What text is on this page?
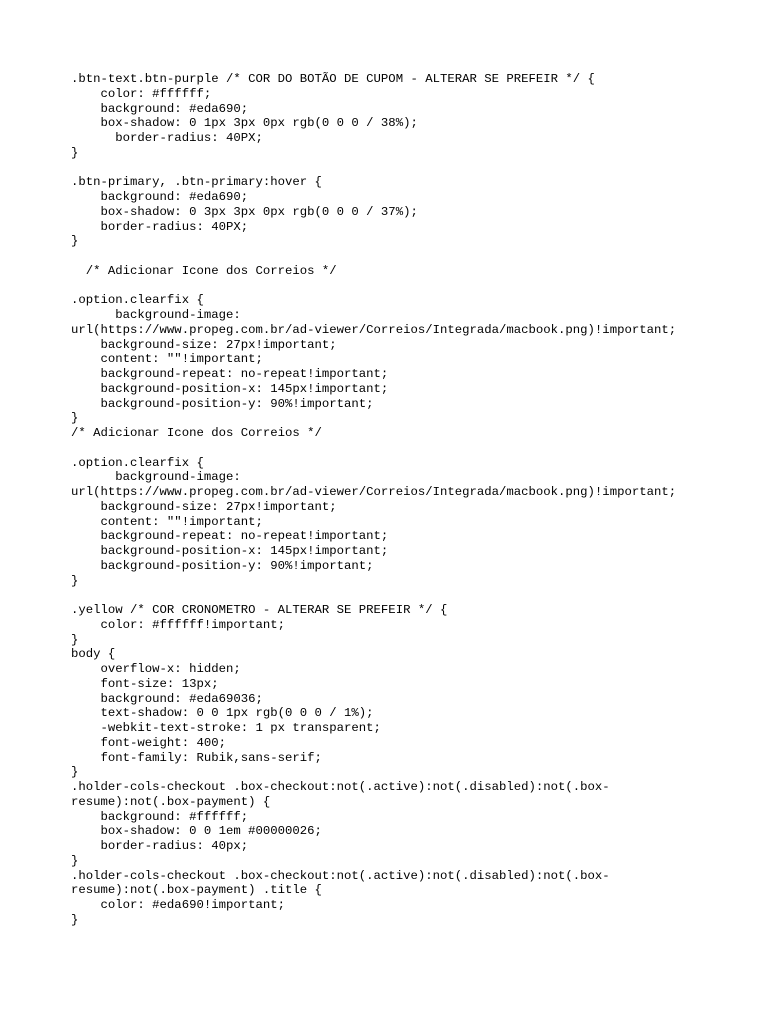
.btn-text.btn-purple /* COR DO BOTÃO DE CUPOM - ALTERAR SE PREFEIR */ {
color: #ffffff;
background: #eda690;
box-shadow: 0 1px 3px 0px rgb(0 0 0 / 38%);
border-radius: 40PX;
}
.btn-primary, .btn-primary:hover {
background: #eda690;
box-shadow: 0 3px 3px 0px rgb(0 0 0 / 37%);
border-radius: 40PX;
}
/* Adicionar Icone dos Correios */
.option.clearfix {
background-image:
url(https://www.propeg.com.br/ad-viewer/Correios/Integrada/macbook.png)!important;
background-size: 27px!important;
content: ""!important;
background-repeat: no-repeat!important;
background-position-x: 145px!important;
background-position-y: 90%!important;
}
/* Adicionar Icone dos Correios */
.option.clearfix {
background-image:
url(https://www.propeg.com.br/ad-viewer/Correios/Integrada/macbook.png)!important;
background-size: 27px!important;
content: ""!important;
background-repeat: no-repeat!important;
background-position-x: 145px!important;
background-position-y: 90%!important;
}
.yellow /* COR CRONOMETRO - ALTERAR SE PREFEIR */ {
color: #ffffff!important;
}
body {
overflow-x: hidden;
font-size: 13px;
background: #eda69036;
text-shadow: 0 0 1px rgb(0 0 0 / 1%);
-webkit-text-stroke: 1 px transparent;
font-weight: 400;
font-family: Rubik,sans-serif;
}
.holder-cols-checkout .box-checkout:not(.active):not(.disabled):not(.box-
resume):not(.box-payment) {
background: #ffffff;
box-shadow: 0 0 1em #00000026;
border-radius: 40px;
}
.holder-cols-checkout .box-checkout:not(.active):not(.disabled):not(.box-
resume):not(.box-payment) .title {
color: #eda690!important;
}
